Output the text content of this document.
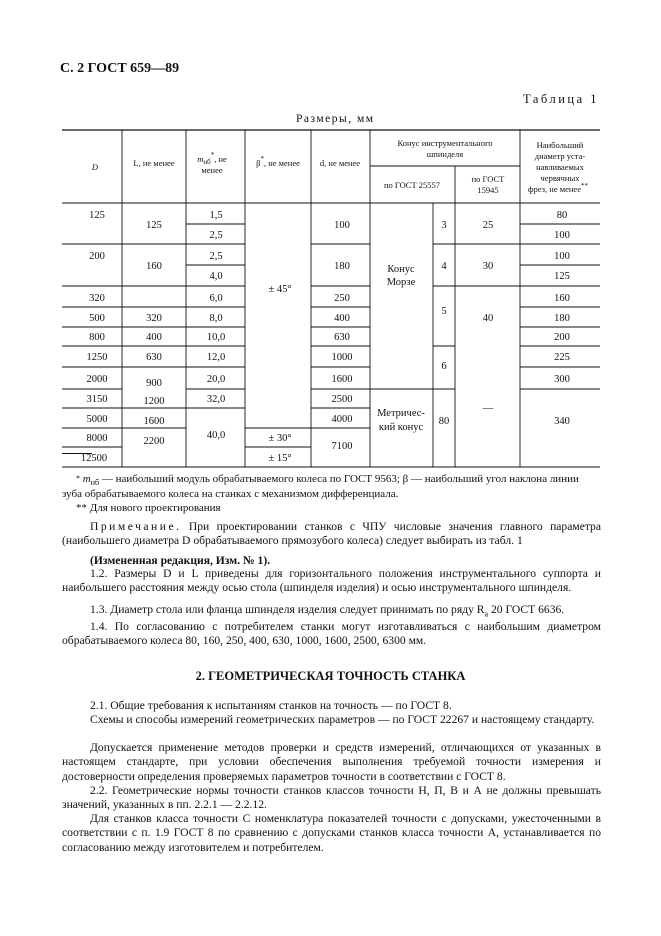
С. 2 ГОСТ 659—89
Таблица 1
Размеры, мм
D	L, не менее	$m_{нб}^*$, не
менее
β*, не менее d, не менее
Конус инструментального
шпинделя
по ГОСТ 25557
по ГОСТ
15945
Наибольший
диаметр уста-
навливаемых
червячных
фрез, не менее**
125
200
320
500
800
1250
2000
3150
5000
8000
12500
125
160
320
400
630
900
1200
1600
2200
1,5
2,5
2,5
4,0
6,0
8,0
10,0
12,0
20,0
32,0
40,0
± 45°
± 30°
± 15°
100
180
250
400
630
1000
1600
2500
4000
7100
Конус
Морзе
Метричес-
кий конус
3
4
5
6
80
25
30
40
—
80
100
100
125
160
180
200
225
300
340
* $m_{нб}$ — наибольший модуль обрабатываемого колеса по ГОСТ 9563; β — наибольший угол наклона линии
зуба обрабатываемого колеса на станках с механизмом дифференциала.
** Для нового проектирования
Примечание. При проектировании станков с ЧПУ числовые значения главного параметра (наибольшего диаметра D обрабатываемого прямозубого колеса) следует выбирать из табл. 1
(Измененная редакция, Изм. № 1).
1.2. Размеры D и L приведены для горизонтального положения инструментального суппорта и наибольшего расстояния между осью стола (шпинделя изделия) и осью инструментального шпинделя.
1.3. Диаметр стола или фланца шпинделя изделия следует принимать по ряду $R_a$ 20 ГОСТ 6636.
1.4. По согласованию с потребителем станки могут изготавливаться с наибольшим диаметром обрабатываемого колеса 80, 160, 250, 400, 630, 1000, 1600, 2500, 6300 мм.
2. ГЕОМЕТРИЧЕСКАЯ ТОЧНОСТЬ СТАНКА
2.1. Общие требования к испытаниям станков на точность — по ГОСТ 8.
Схемы и способы измерений геометрических параметров — по ГОСТ 22267 и настоящему стандарту.
Допускается применение методов проверки и средств измерений, отличающихся от указанных в настоящем стандарте, при условии обеспечения выполнения требуемой точности измерения и достоверности определения проверяемых параметров точности в соответствии с ГОСТ 8.
2.2. Геометрические нормы точности станков классов точности Н, П, В и А не должны превышать значений, указанных в пп. 2.2.1 — 2.2.12.
Для станков класса точности С номенклатура показателей точности с допусками, ужесточенными в соответствии с п. 1.9 ГОСТ 8 по сравнению с допусками станков класса точности А, устанавливается по согласованию между изготовителем и потребителем.
